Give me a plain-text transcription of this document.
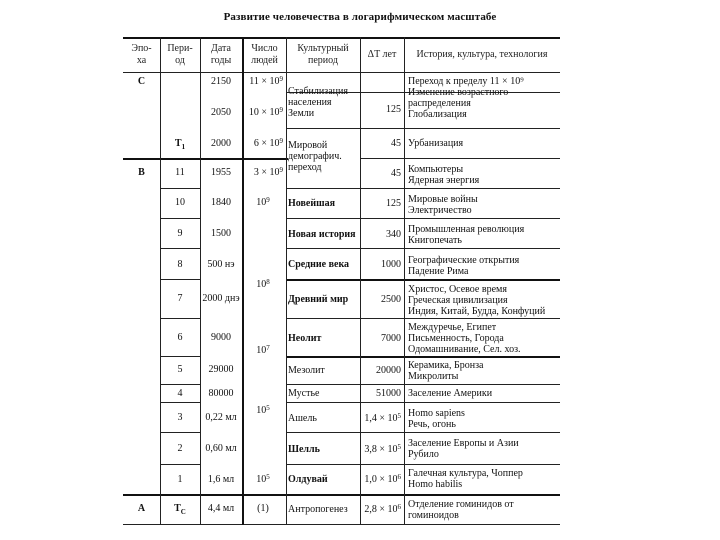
Развитие человечества в логарифмическом масштабе
Эпо-
ха
Пери-
од
Дата
годы
Число
людей
Культурный
период
ΔT лет	История, культура, технология
C
B
A
$T_1$
11
10
9
8
7
6
5
4
3
2
1
$T_C$
2150
2050
2000
1955
1840
1500
500 нэ
2000 днэ
9000
29000
80000
0,22 мл
0,60 мл
1,6 мл
4,4 мл
$11 \times 10^9$
$10 \times 10^9$
$6 \times 10^9$
$3 \times 10^9$
$10^9$
$10^8$
$10^7$
$10^5$
$10^5$
(1)
Стабилизация
населения
Земли
Мировой
демографич.
переход
Новейшая
Новая история
Средние века
Древний мир
Неолит
Мезолит
Мустье
Ашель
Шелль
Олдувай
Антропогенез
125
45
45
125
340
1000
2500
7000
20000
51000
$1,4 \times 10^5$
$3,8 \times 10^5$
$1,0 \times 10^6$
$2,8 \times 10^6$
Переход к пределу 11 × 10⁹
Изменение возрастного
распределения
Глобализация
Урбанизация
Компьютеры
Ядерная энергия
Мировые войны
Электричество
Промышленная революция
Книгопечать
Географические открытия
Падение Рима
Христос, Осевое время
Греческая цивилизация
Индия, Китай, Будда, Конфуций
Междуречье, Египет
Письменность, Города
Одомашнивание, Сел. хоз.
Керамика, Бронза
Микролиты
Заселение Америки
Homo sapiens
Речь, огонь
Заселение Европы и Азии
Рубило
Галечная культура, Чоппер
Homo habilis
Отделение гоминидов от
гоминоидов
